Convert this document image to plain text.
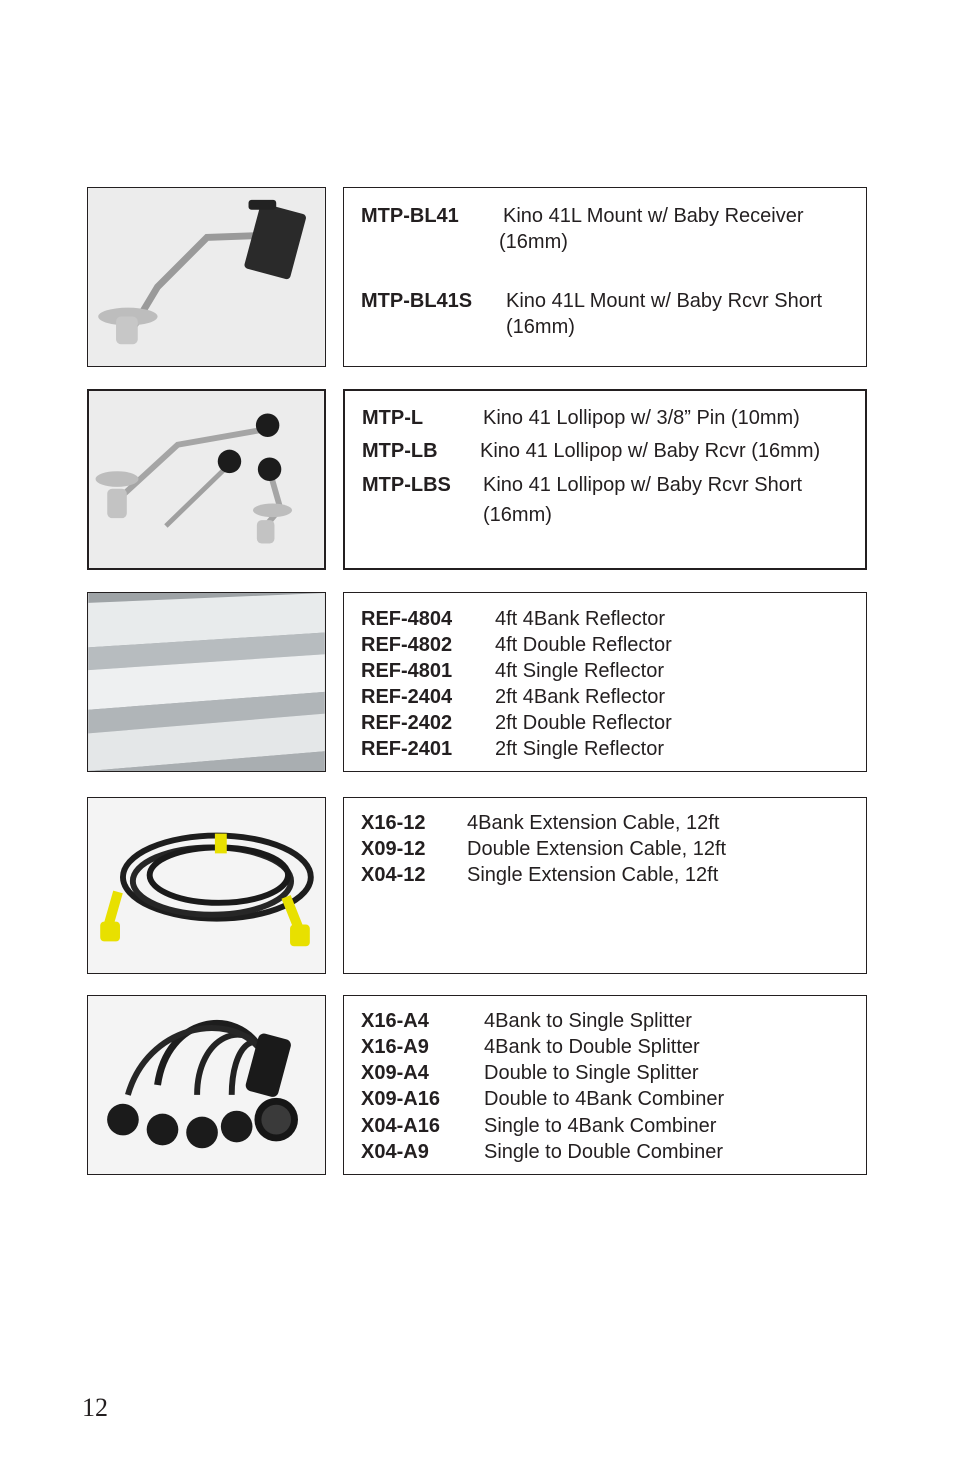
MTP-BL41 Kino 41L Mount w/ Baby Receiver
(16mm)
MTP-BL41S Kino 41L Mount w/ Baby Rcvr Short
(16mm)
MTP-L	Kino 41 Lollipop w/ 3/8” Pin (10mm)
MTP-LB Kino 41 Lollipop w/ Baby Rcvr (16mm)
MTP-LBS Kino 41 Lollipop w/ Baby Rcvr Short
(16mm)
REF-4804 4ft 4Bank Reflector
REF-4802 4ft Double Reflector
REF-4801 4ft Single Reflector
REF-2404 2ft 4Bank Reflector
REF-2402 2ft Double Reflector
REF-2401 2ft Single Reflector
X16-12 4Bank Extension Cable, 12ft
X09-12 Double Extension Cable, 12ft
X04-12 Single Extension Cable, 12ft
X16-A4	4Bank to Single Splitter
X16-A9	4Bank to Double Splitter
X09-A4	Double to Single Splitter
X09-A16 Double to 4Bank Combiner
X04-A16 Single to 4Bank Combiner
X04-A9	Single to Double Combiner
12
